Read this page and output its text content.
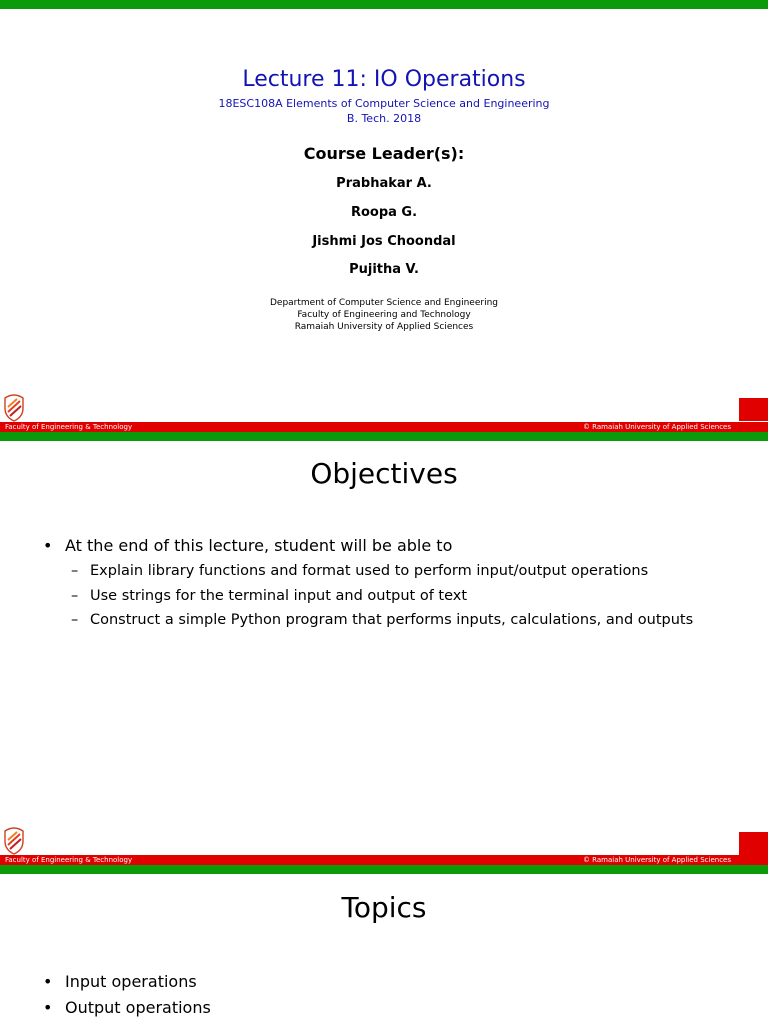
Lecture 11: IO Operations
18ESC108A Elements of Computer Science and Engineering
B. Tech. 2018
Course Leader(s):
Prabhakar A.
Roopa G.
Jishmi Jos Choondal
Pujitha V.
Department of Computer Science and Engineering
Faculty of Engineering and Technology
Ramaiah University of Applied Sciences
Faculty of Engineering & Technology	© Ramaiah University of Applied Sciences
Objectives
• At the end of this lecture, student will be able to
– Explain library functions and format used to perform input/output operations
– Use strings for the terminal input and output of text
– Construct a simple Python program that performs inputs, calculations, and outputs
Faculty of Engineering & Technology	© Ramaiah University of Applied Sciences
Topics
• Input operations
• Output operations
